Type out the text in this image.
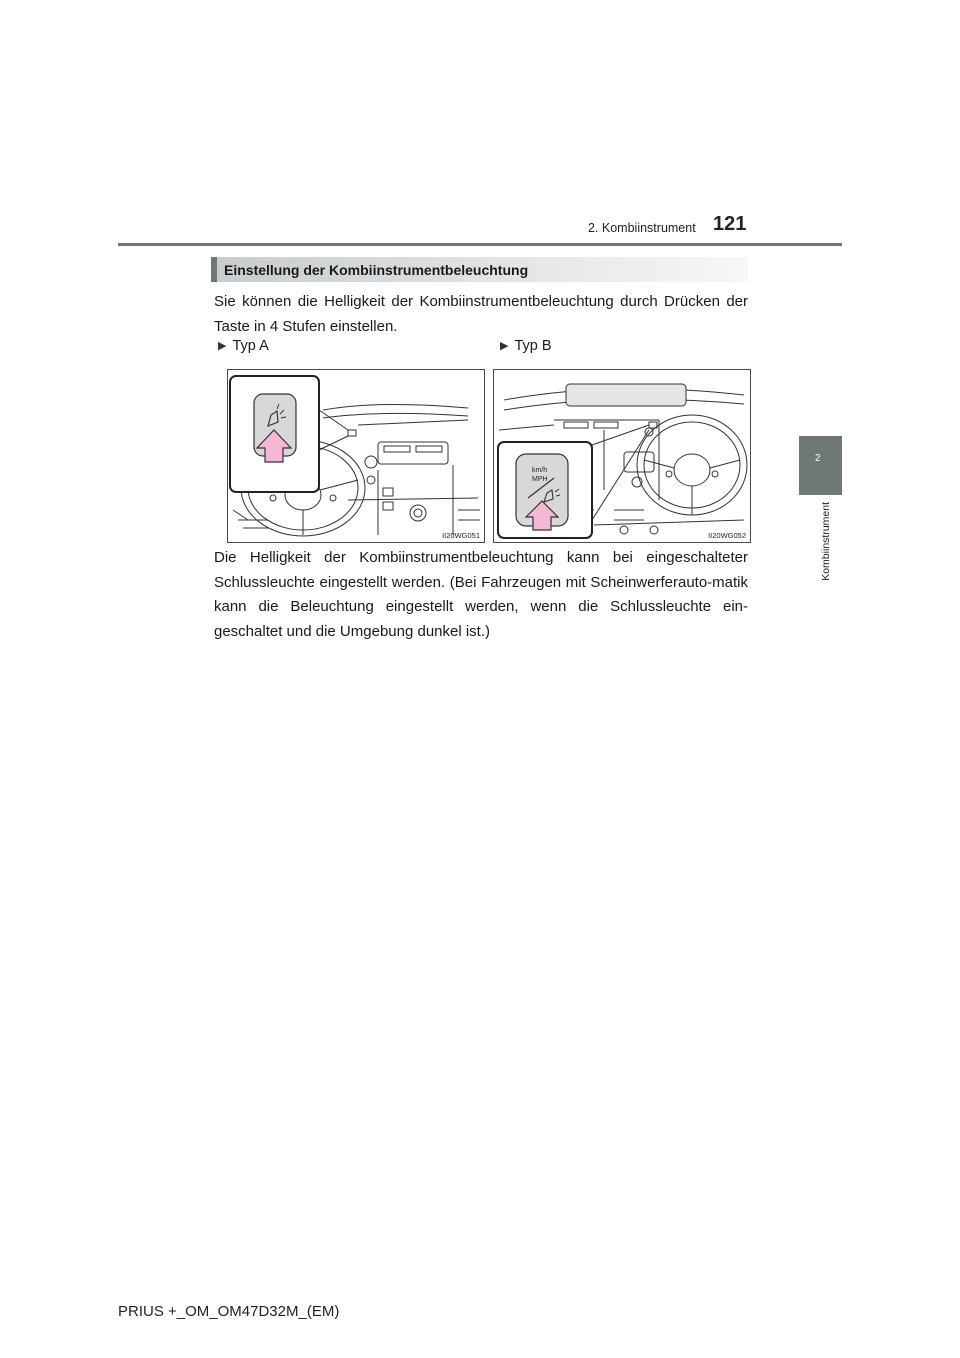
2. Kombiinstrument 121
2
Kombiinstrument
Einstellung der Kombiinstrumentbeleuchtung

Sie können die Helligkeit der Kombiinstrumentbeleuchtung durch Drücken der Taste in 4 Stufen einstellen.

▶ Typ A	▶ Typ B
II20WG051
km/h
MPH
II20WG052

Die Helligkeit der Kombiinstrumentbeleuchtung kann bei eingeschalteter Schlussleuchte eingestellt werden. (Bei Fahrzeugen mit Scheinwerferauto-matik kann die Beleuchtung eingestellt werden, wenn die Schlussleuchte ein-geschaltet und die Umgebung dunkel ist.)

PRIUS +_OM_OM47D32M_(EM)
